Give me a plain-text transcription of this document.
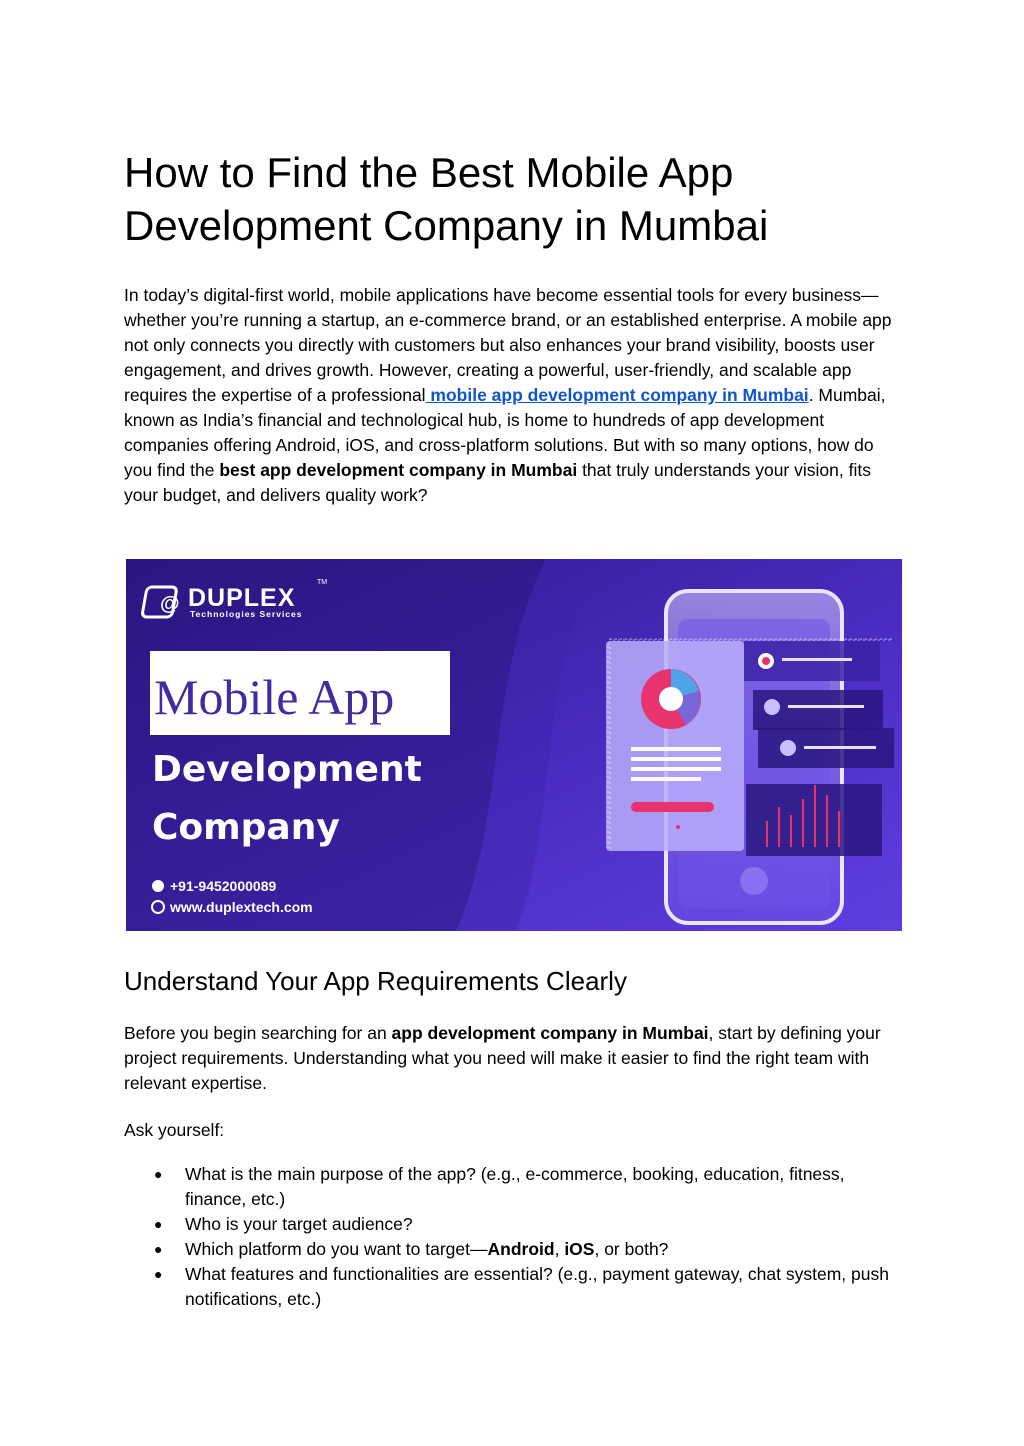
How to Find the Best Mobile App Development Company in Mumbai

In today’s digital-first world, mobile applications have become essential tools for every business—whether you’re running a startup, an e-commerce brand, or an established enterprise. A mobile app not only connects you directly with customers but also enhances your brand visibility, boosts user engagement, and drives growth. However, creating a powerful, user-friendly, and scalable app requires the expertise of a professional mobile app development company in Mumbai. Mumbai, known as India’s financial and technological hub, is home to hundreds of app development companies offering Android, iOS, and cross-platform solutions. But with so many options, how do you find the best app development company in Mumbai that truly understands your vision, fits your budget, and delivers quality work?

@ DUPLEX
TM
Technologies Services
Mobile App
Development
Company
+91-9452000089
www.duplextech.com
Understand Your App Requirements Clearly

Before you begin searching for an app development company in Mumbai, start by defining your project requirements. Understanding what you need will make it easier to find the right team with relevant expertise.

Ask yourself:

● What is the main purpose of the app? (e.g., e-commerce, booking, education, fitness, finance, etc.)
● Who is your target audience?
● Which platform do you want to target—Android, iOS, or both?
● What features and functionalities are essential? (e.g., payment gateway, chat system, push notifications, etc.)
